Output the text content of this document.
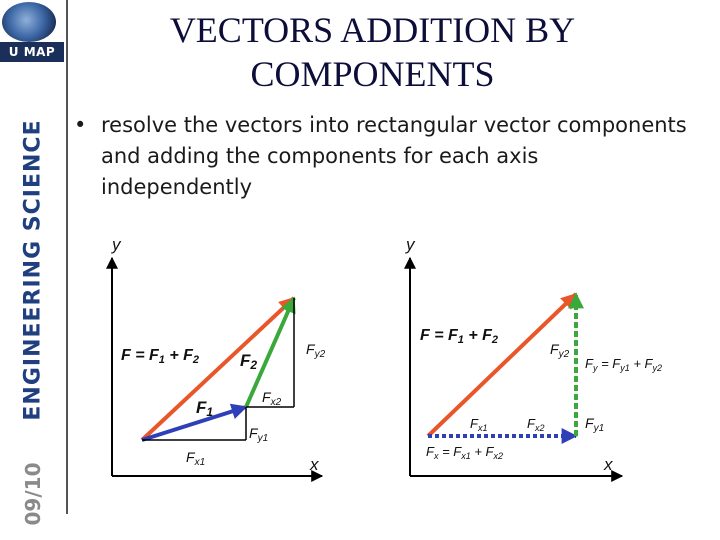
U MAP
ENGINEERING SCIENCE
09/10
VECTORS ADDITION BY COMPONENTS
• resolve the vectors into rectangular vector components and adding the components for each axis independently
y
x
F = F1 + F2
F1
F2
$F_{x1}$
$F_{y1}$
$F_{x2}$
$F_{y2}$
y
x
F = F1 + F2
$F_{y2}$
$F_y = F_{y1} + F_{y2}$
$F_{x1}$	$F_{x2}$	$F_{y1}$
$F_x = F_{x1} + F_{x2}$
